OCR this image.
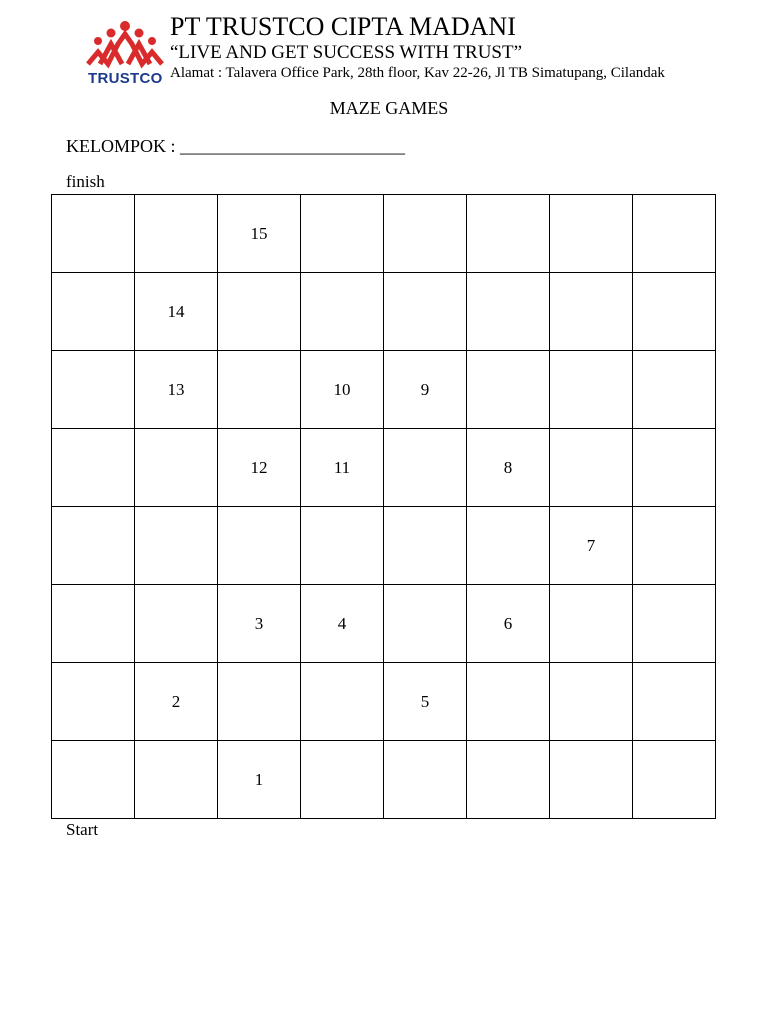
TRUSTCO
PT TRUSTCO CIPTA MADANI
“LIVE AND GET SUCCESS WITH TRUST”
Alamat : Talavera Office Park, 28th floor, Kav 22-26, Jl TB Simatupang, Cilandak
MAZE GAMES
KELOMPOK : _________________________
finish
		15					
	14						
	13		10	9			
		12	11		8		
						7	
		3	4		6		
	2			5			
		1					
Start
